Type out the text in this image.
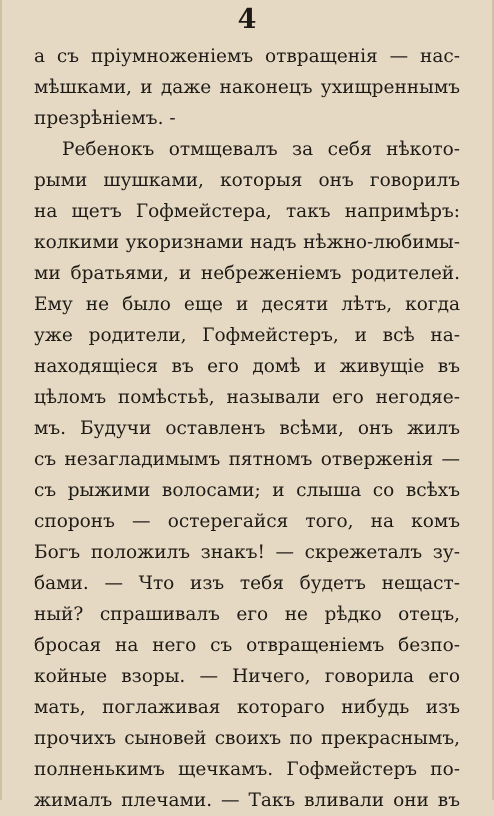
4
а съ прiумноженiемъ отвращенiя — нас-
мѣшками, и даже наконецъ ухищреннымъ
презрѣнiемъ. -
Ребенокъ отмщевалъ за себя нѣкото-
рыми шушками, которыя онъ говорилъ
на щетъ Гофмейстера, такъ напримѣръ:
колкими укоризнами надъ нѣжно-любимы-
ми братьями, и небреженiемъ родителей.
Ему не было еще и десяти лѣтъ, когда
уже родители, Гофмейстеръ, и всѣ на-
находящiеся въ его домѣ и живущiе въ
цѣломъ помѣстьѣ, называли его негодяе-
мъ. Будучи оставленъ всѣми, онъ жилъ
съ незагладимымъ пятномъ отверженiя —
съ рыжими волосами; и слыша со всѣхъ
споронъ — остерегайся того, на комъ
Богъ положилъ знакъ! — скрежеталъ зу-
бами. — Что изъ тебя будетъ нещаст-
ный? спрашивалъ его не рѣдко отецъ,
бросая на него съ отвращенiемъ безпо-
койные взоры. — Ничего, говорила его
мать, поглаживая котораго нибудь изъ
прочихъ сыновей своихъ по прекраснымъ,
полненькимъ щечкамъ. Гофмейстеръ по-
жималъ плечами. — Такъ вливали они въ
